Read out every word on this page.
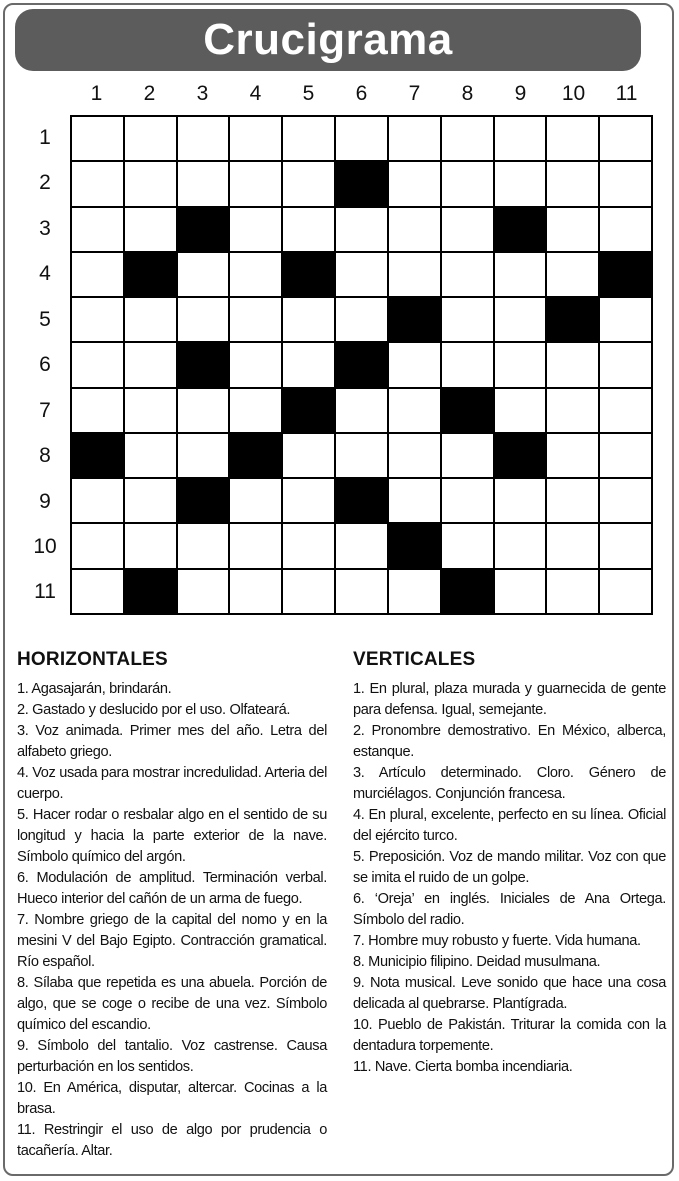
Crucigrama
1	2	3	4	5	6	7	8	9	10	11
1
2
3
4
5
6
7
8
9
10
11
HORIZONTALES

1. Agasajarán, brindarán.

2. Gastado y deslucido por el uso. Olfateará.

3. Voz animada. Primer mes del año. Letra del alfabeto griego.

4. Voz usada para mostrar incredulidad. Arteria del cuerpo.

5. Hacer rodar o resbalar algo en el sentido de su longitud y hacia la parte exterior de la nave. Símbolo químico del argón.

6. Modulación de amplitud. Terminación verbal. Hueco interior del cañón de un arma de fuego.

7. Nombre griego de la capital del nomo y en la mesini V del Bajo Egipto. Contracción gramatical. Río español.

8. Sílaba que repetida es una abuela. Porción de algo, que se coge o recibe de una vez. Símbolo químico del escandio.

9. Símbolo del tantalio. Voz castrense. Causa perturbación en los sentidos.

10. En América, disputar, altercar. Cocinas a la brasa.

11. Restringir el uso de algo por prudencia o tacañería. Altar.

VERTICALES

1. En plural, plaza murada y guarnecida de gente para defensa. Igual, semejante.

2. Pronombre demostrativo. En México, alberca, estanque.

3. Artículo determinado. Cloro. Género de murciélagos. Conjunción francesa.

4. En plural, excelente, perfecto en su línea. Oficial del ejército turco.

5. Preposición. Voz de mando militar. Voz con que se imita el ruido de un golpe.

6. ‘Oreja’ en inglés. Iniciales de Ana Ortega. Símbolo del radio.

7. Hombre muy robusto y fuerte. Vida humana.

8. Municipio filipino. Deidad musulmana.

9. Nota musical. Leve sonido que hace una cosa delicada al quebrarse. Plantígrada.

10. Pueblo de Pakistán. Triturar la comida con la dentadura torpemente.

11. Nave. Cierta bomba incendiaria.
